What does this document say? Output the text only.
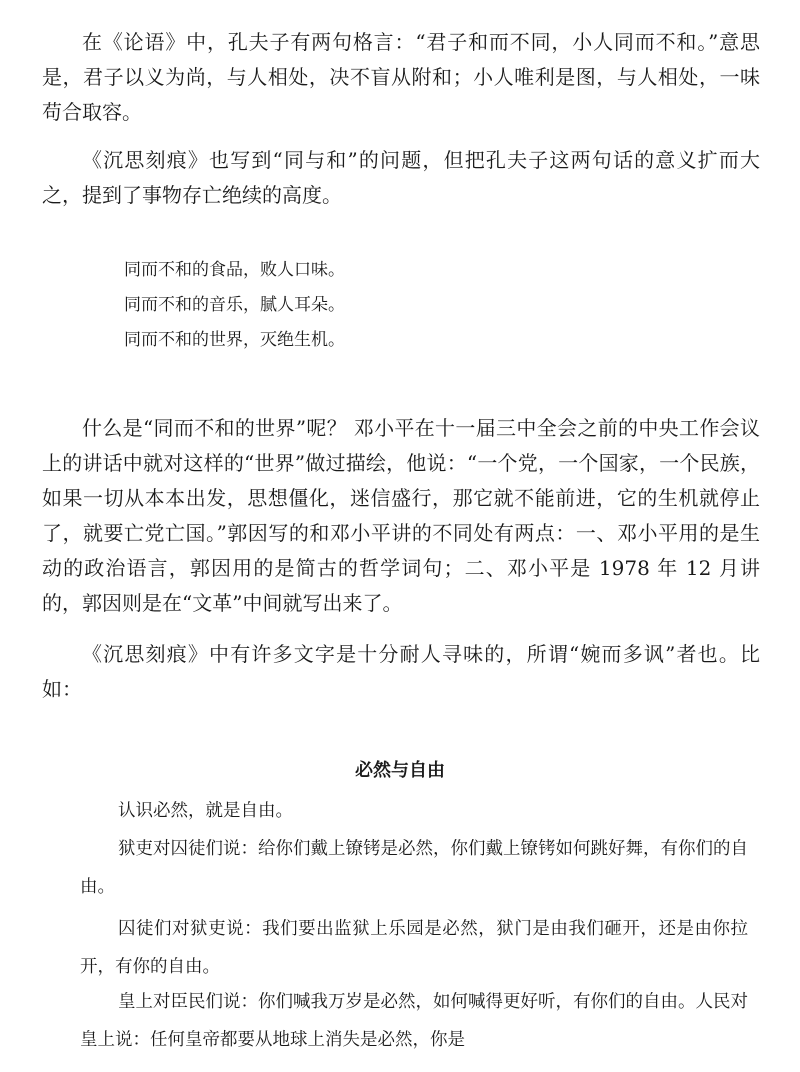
在《论语》中，孔夫子有两句格言：“君子和而不同，小人同而不和。”意思是，君子以义为尚，与人相处，决不盲从附和；小人唯利是图，与人相处，一味苟合取容。

《沉思刻痕》也写到“同与和”的问题，但把孔夫子这两句话的意义扩而大之，提到了事物存亡绝续的高度。

同而不和的食品，败人口味。

同而不和的音乐，腻人耳朵。

同而不和的世界，灭绝生机。

什么是“同而不和的世界”呢？ 邓小平在十一届三中全会之前的中央工作会议上的讲话中就对这样的“世界”做过描绘，他说：“一个党，一个国家，一个民族，如果一切从本本出发，思想僵化，迷信盛行，那它就不能前进，它的生机就停止了，就要亡党亡国。”郭因写的和邓小平讲的不同处有两点：一、邓小平用的是生动的政治语言，郭因用的是简古的哲学词句；二、邓小平是 1978 年 12 月讲的，郭因则是在“文革”中间就写出来了。

《沉思刻痕》中有许多文字是十分耐人寻味的，所谓“婉而多讽”者也。比如：

必然与自由

认识必然，就是自由。

狱吏对囚徒们说：给你们戴上镣铐是必然，你们戴上镣铐如何跳好舞，有你们的自由。

囚徒们对狱吏说：我们要出监狱上乐园是必然，狱门是由我们砸开，还是由你拉开，有你的自由。

皇上对臣民们说：你们喊我万岁是必然，如何喊得更好听，有你们的自由。人民对皇上说：任何皇帝都要从地球上消失是必然，你是
